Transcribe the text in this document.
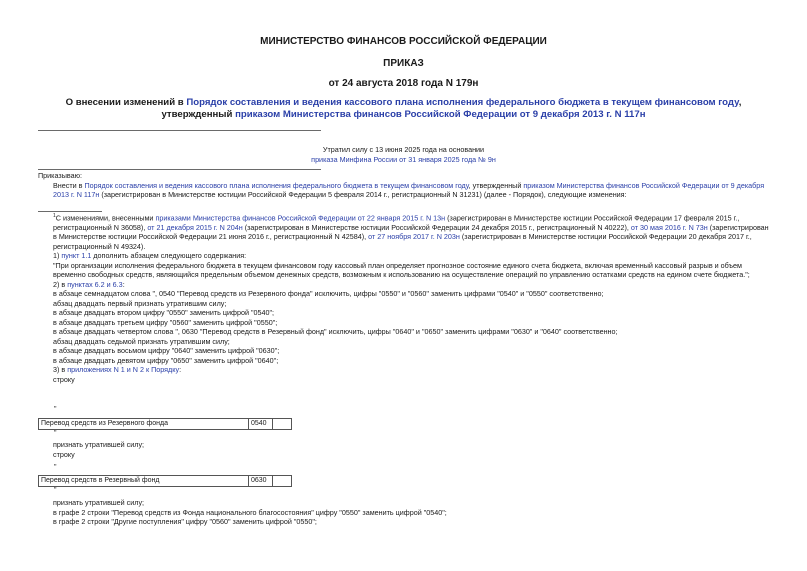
МИНИСТЕРСТВО ФИНАНСОВ РОССИЙСКОЙ ФЕДЕРАЦИИ
ПРИКАЗ
от 24 августа 2018 года N 179н
О внесении изменений в Порядок составления и ведения кассового плана исполнения федерального бюджета в текущем финансовом году, утвержденный приказом Министерства финансов Российской Федерации от 9 декабря 2013 г. N 117н
Утратил силу с 13 июня 2025 года на основании
приказа Минфина России от 31 января 2025 года № 9н

Приказываю:

Внести в Порядок составления и ведения кассового плана исполнения федерального бюджета в текущем финансовом году, утвержденный приказом Министерства финансов Российской Федерации от 9 декабря 2013 г. N 117н (зарегистрирован в Министерстве юстиции Российской Федерации 5 февраля 2014 г., регистрационный N 31231) (далее - Порядок), следующие изменения:

$^1$С изменениями, внесенными приказами Министерства финансов Российской Федерации от 22 января 2015 г. N 13н (зарегистрирован в Министерстве юстиции Российской Федерации 17 февраля 2015 г., регистрационный N 36058), от 21 декабря 2015 г. N 204н (зарегистрирован в Министерстве юстиции Российской Федерации 24 декабря 2015 г., регистрационный N 40222), от 30 мая 2016 г. N 73н (зарегистрирован в Министерстве юстиции Российской Федерации 21 июня 2016 г., регистрационный N 42584), от 27 ноября 2017 г. N 203н (зарегистрирован в Министерстве юстиции Российской Федерации 20 декабря 2017 г., регистрационный N 49324).

1) пункт 1.1 дополнить абзацем следующего содержания:

"При организации исполнения федерального бюджета в текущем финансовом году кассовый план определяет прогнозное состояние единого счета бюджета, включая временный кассовый разрыв и объем временно свободных средств, являющийся предельным объемом денежных средств, возможным к использованию на осуществление операций по управлению остатками средств на едином счете бюджета.";

2) в пунктах 6.2 и 6.3:

в абзаце семнадцатом слова ", 0540 "Перевод средств из Резервного фонда" исключить, цифры "0550" и "0560" заменить цифрами "0540" и "0550" соответственно;

абзац двадцать первый признать утратившим силу;

в абзаце двадцать втором цифру "0550" заменить цифрой "0540";

в абзаце двадцать третьем цифру "0560" заменить цифрой "0550";

в абзаце двадцать четвертом слова ", 0630 "Перевод средств в Резервный фонд" исключить, цифры "0640" и "0650" заменить цифрами "0630" и "0640" соответственно;

абзац двадцать седьмой признать утратившим силу;

в абзаце двадцать восьмом цифру "0640" заменить цифрой "0630";

в абзаце двадцать девятом цифру "0650" заменить цифрой "0640";

3) в приложениях N 1 и N 2 к Порядку:

строку

"
Перевод средств из Резервного фонда	0540
"

признать утратившей силу;

строку

"
Перевод средств в Резервный фонд	0630
"

признать утратившей силу;

в графе 2 строки "Перевод средств из Фонда национального благосостояния" цифру "0550" заменить цифрой "0540";

в графе 2 строки "Другие поступления" цифру "0560" заменить цифрой "0550";
